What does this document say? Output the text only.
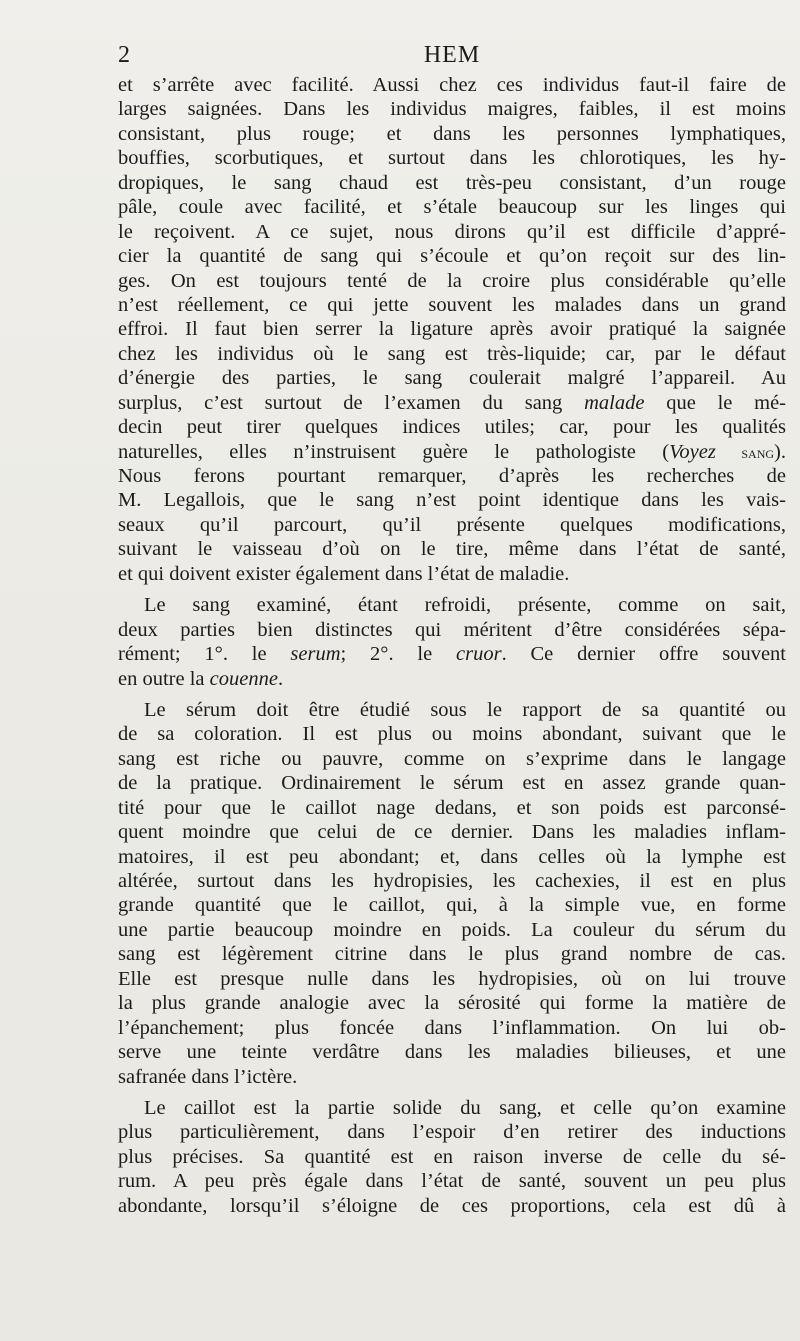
2	HEM
et s’arrête avec facilité. Aussi chez ces individus faut-il faire de
larges saignées. Dans les individus maigres, faibles, il est moins
consistant, plus rouge; et dans les personnes lymphatiques,
bouffies, scorbutiques, et surtout dans les chlorotiques, les hy-
dropiques, le sang chaud est très-peu consistant, d’un rouge
pâle, coule avec facilité, et s’étale beaucoup sur les linges qui
le reçoivent. A ce sujet, nous dirons qu’il est difficile d’appré-
cier la quantité de sang qui s’écoule et qu’on reçoit sur des lin-
ges. On est toujours tenté de la croire plus considérable qu’elle
n’est réellement, ce qui jette souvent les malades dans un grand
effroi. Il faut bien serrer la ligature après avoir pratiqué la saignée
chez les individus où le sang est très-liquide; car, par le défaut
d’énergie des parties, le sang coulerait malgré l’appareil. Au
surplus, c’est surtout de l’examen du sang malade que le mé-
decin peut tirer quelques indices utiles; car, pour les qualités
naturelles, elles n’instruisent guère le pathologiste (Voyez sang).
Nous ferons pourtant remarquer, d’après les recherches de
M. Legallois, que le sang n’est point identique dans les vais-
seaux qu’il parcourt, qu’il présente quelques modifications,
suivant le vaisseau d’où on le tire, même dans l’état de santé,
et qui doivent exister également dans l’état de maladie.
Le sang examiné, étant refroidi, présente, comme on sait,
deux parties bien distinctes qui méritent d’être considérées sépa-
rément; 1°. le serum; 2°. le cruor. Ce dernier offre souvent
en outre la couenne.
Le sérum doit être étudié sous le rapport de sa quantité ou
de sa coloration. Il est plus ou moins abondant, suivant que le
sang est riche ou pauvre, comme on s’exprime dans le langage
de la pratique. Ordinairement le sérum est en assez grande quan-
tité pour que le caillot nage dedans, et son poids est parconsé-
quent moindre que celui de ce dernier. Dans les maladies inflam-
matoires, il est peu abondant; et, dans celles où la lymphe est
altérée, surtout dans les hydropisies, les cachexies, il est en plus
grande quantité que le caillot, qui, à la simple vue, en forme
une partie beaucoup moindre en poids. La couleur du sérum du
sang est légèrement citrine dans le plus grand nombre de cas.
Elle est presque nulle dans les hydropisies, où on lui trouve
la plus grande analogie avec la sérosité qui forme la matière de
l’épanchement; plus foncée dans l’inflammation. On lui ob-
serve une teinte verdâtre dans les maladies bilieuses, et une
safranée dans l’ictère.
Le caillot est la partie solide du sang, et celle qu’on examine
plus particulièrement, dans l’espoir d’en retirer des inductions
plus précises. Sa quantité est en raison inverse de celle du sé-
rum. A peu près égale dans l’état de santé, souvent un peu plus
abondante, lorsqu’il s’éloigne de ces proportions, cela est dû à
